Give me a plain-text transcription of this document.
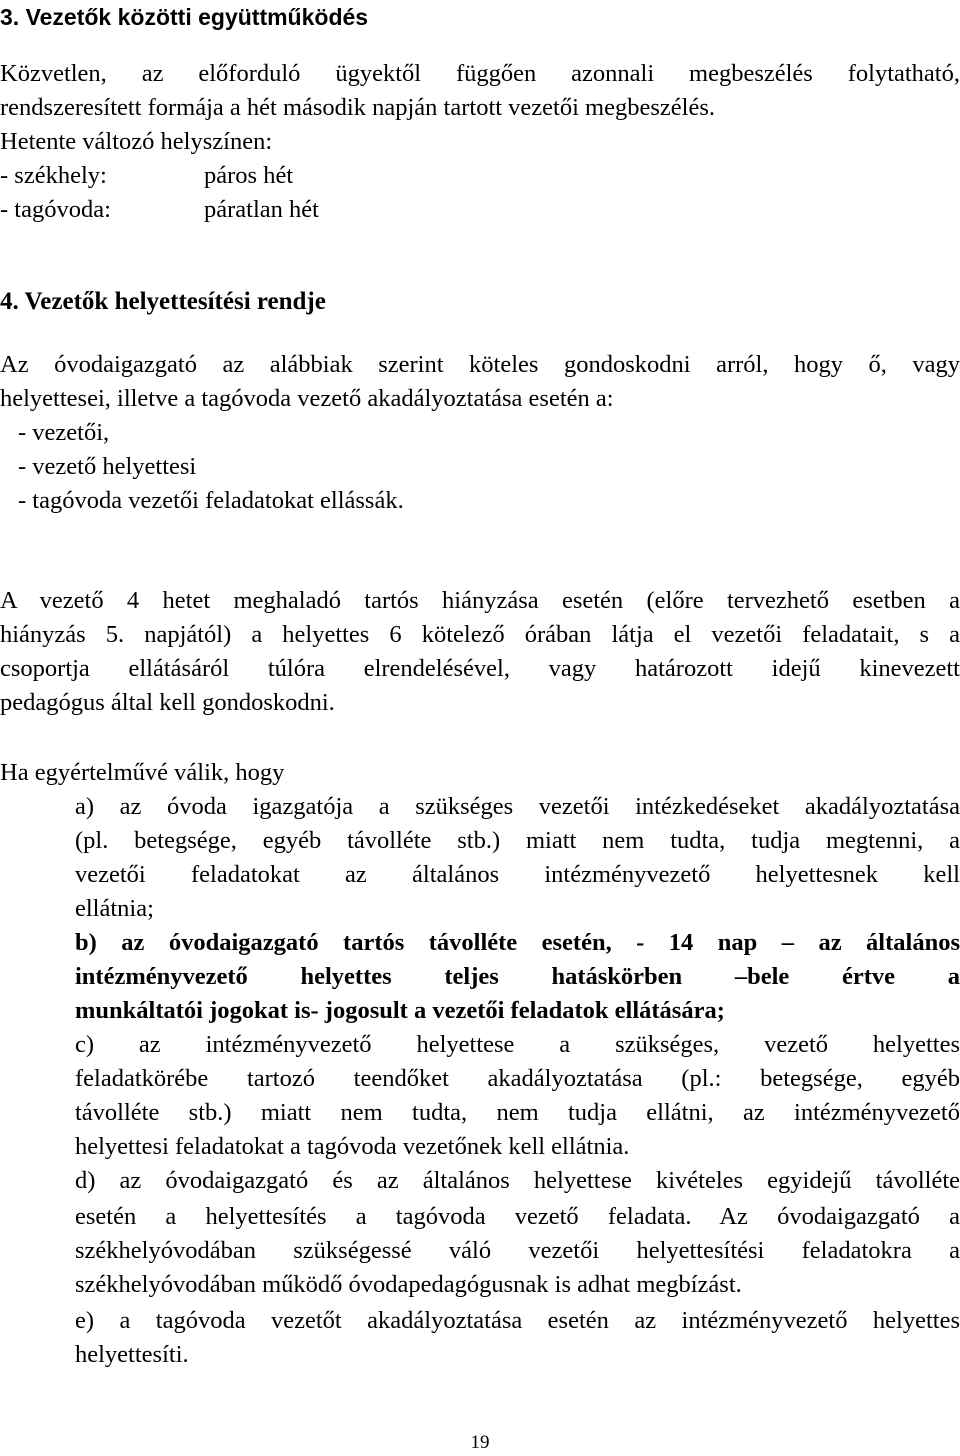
3. Vezetők közötti együttműködés
Közvetlen, az előforduló ügyektől függően azonnali megbeszélés folytatható,
rendszeresített formája a hét második napján tartott vezetői megbeszélés.
Hetente változó helyszínen:
- székhely:	páros hét
- tagóvoda:	páratlan hét
4. Vezetők helyettesítési rendje
Az óvodaigazgató az alábbiak szerint köteles gondoskodni arról, hogy ő, vagy
helyettesei, illetve a tagóvoda vezető akadályoztatása esetén a:
- vezetői,
- vezető helyettesi
- tagóvoda vezetői feladatokat ellássák.
A vezető 4 hetet meghaladó tartós hiányzása esetén (előre tervezhető esetben a
hiányzás 5. napjától) a helyettes 6 kötelező órában látja el vezetői feladatait, s a
csoportja ellátásáról túlóra elrendelésével, vagy határozott idejű kinevezett
pedagógus által kell gondoskodni.
Ha egyértelművé válik, hogy
a) az óvoda igazgatója a szükséges vezetői intézkedéseket akadályoztatása
(pl. betegsége, egyéb távolléte stb.) miatt nem tudta, tudja megtenni, a
vezetői feladatokat az általános intézményvezető helyettesnek kell
ellátnia;
b) az óvodaigazgató tartós távolléte esetén, - 14 nap – az általános
intézményvezető helyettes teljes hatáskörben –bele értve a
munkáltatói jogokat is- jogosult a vezetői feladatok ellátására;
c) az intézményvezető helyettese a szükséges, vezető helyettes
feladatkörébe tartozó teendőket akadályoztatása (pl.: betegsége, egyéb
távolléte stb.) miatt nem tudta, nem tudja ellátni, az intézményvezető
helyettesi feladatokat a tagóvoda vezetőnek kell ellátnia.
d) az óvodaigazgató és az általános helyettese kivételes egyidejű távolléte
esetén a helyettesítés a tagóvoda vezető feladata. Az óvodaigazgató a
székhelyóvodában szükségessé váló vezetői helyettesítési feladatokra a
székhelyóvodában működő óvodapedagógusnak is adhat megbízást.
e) a tagóvoda vezetőt akadályoztatása esetén az intézményvezető helyettes
helyettesíti.
19
